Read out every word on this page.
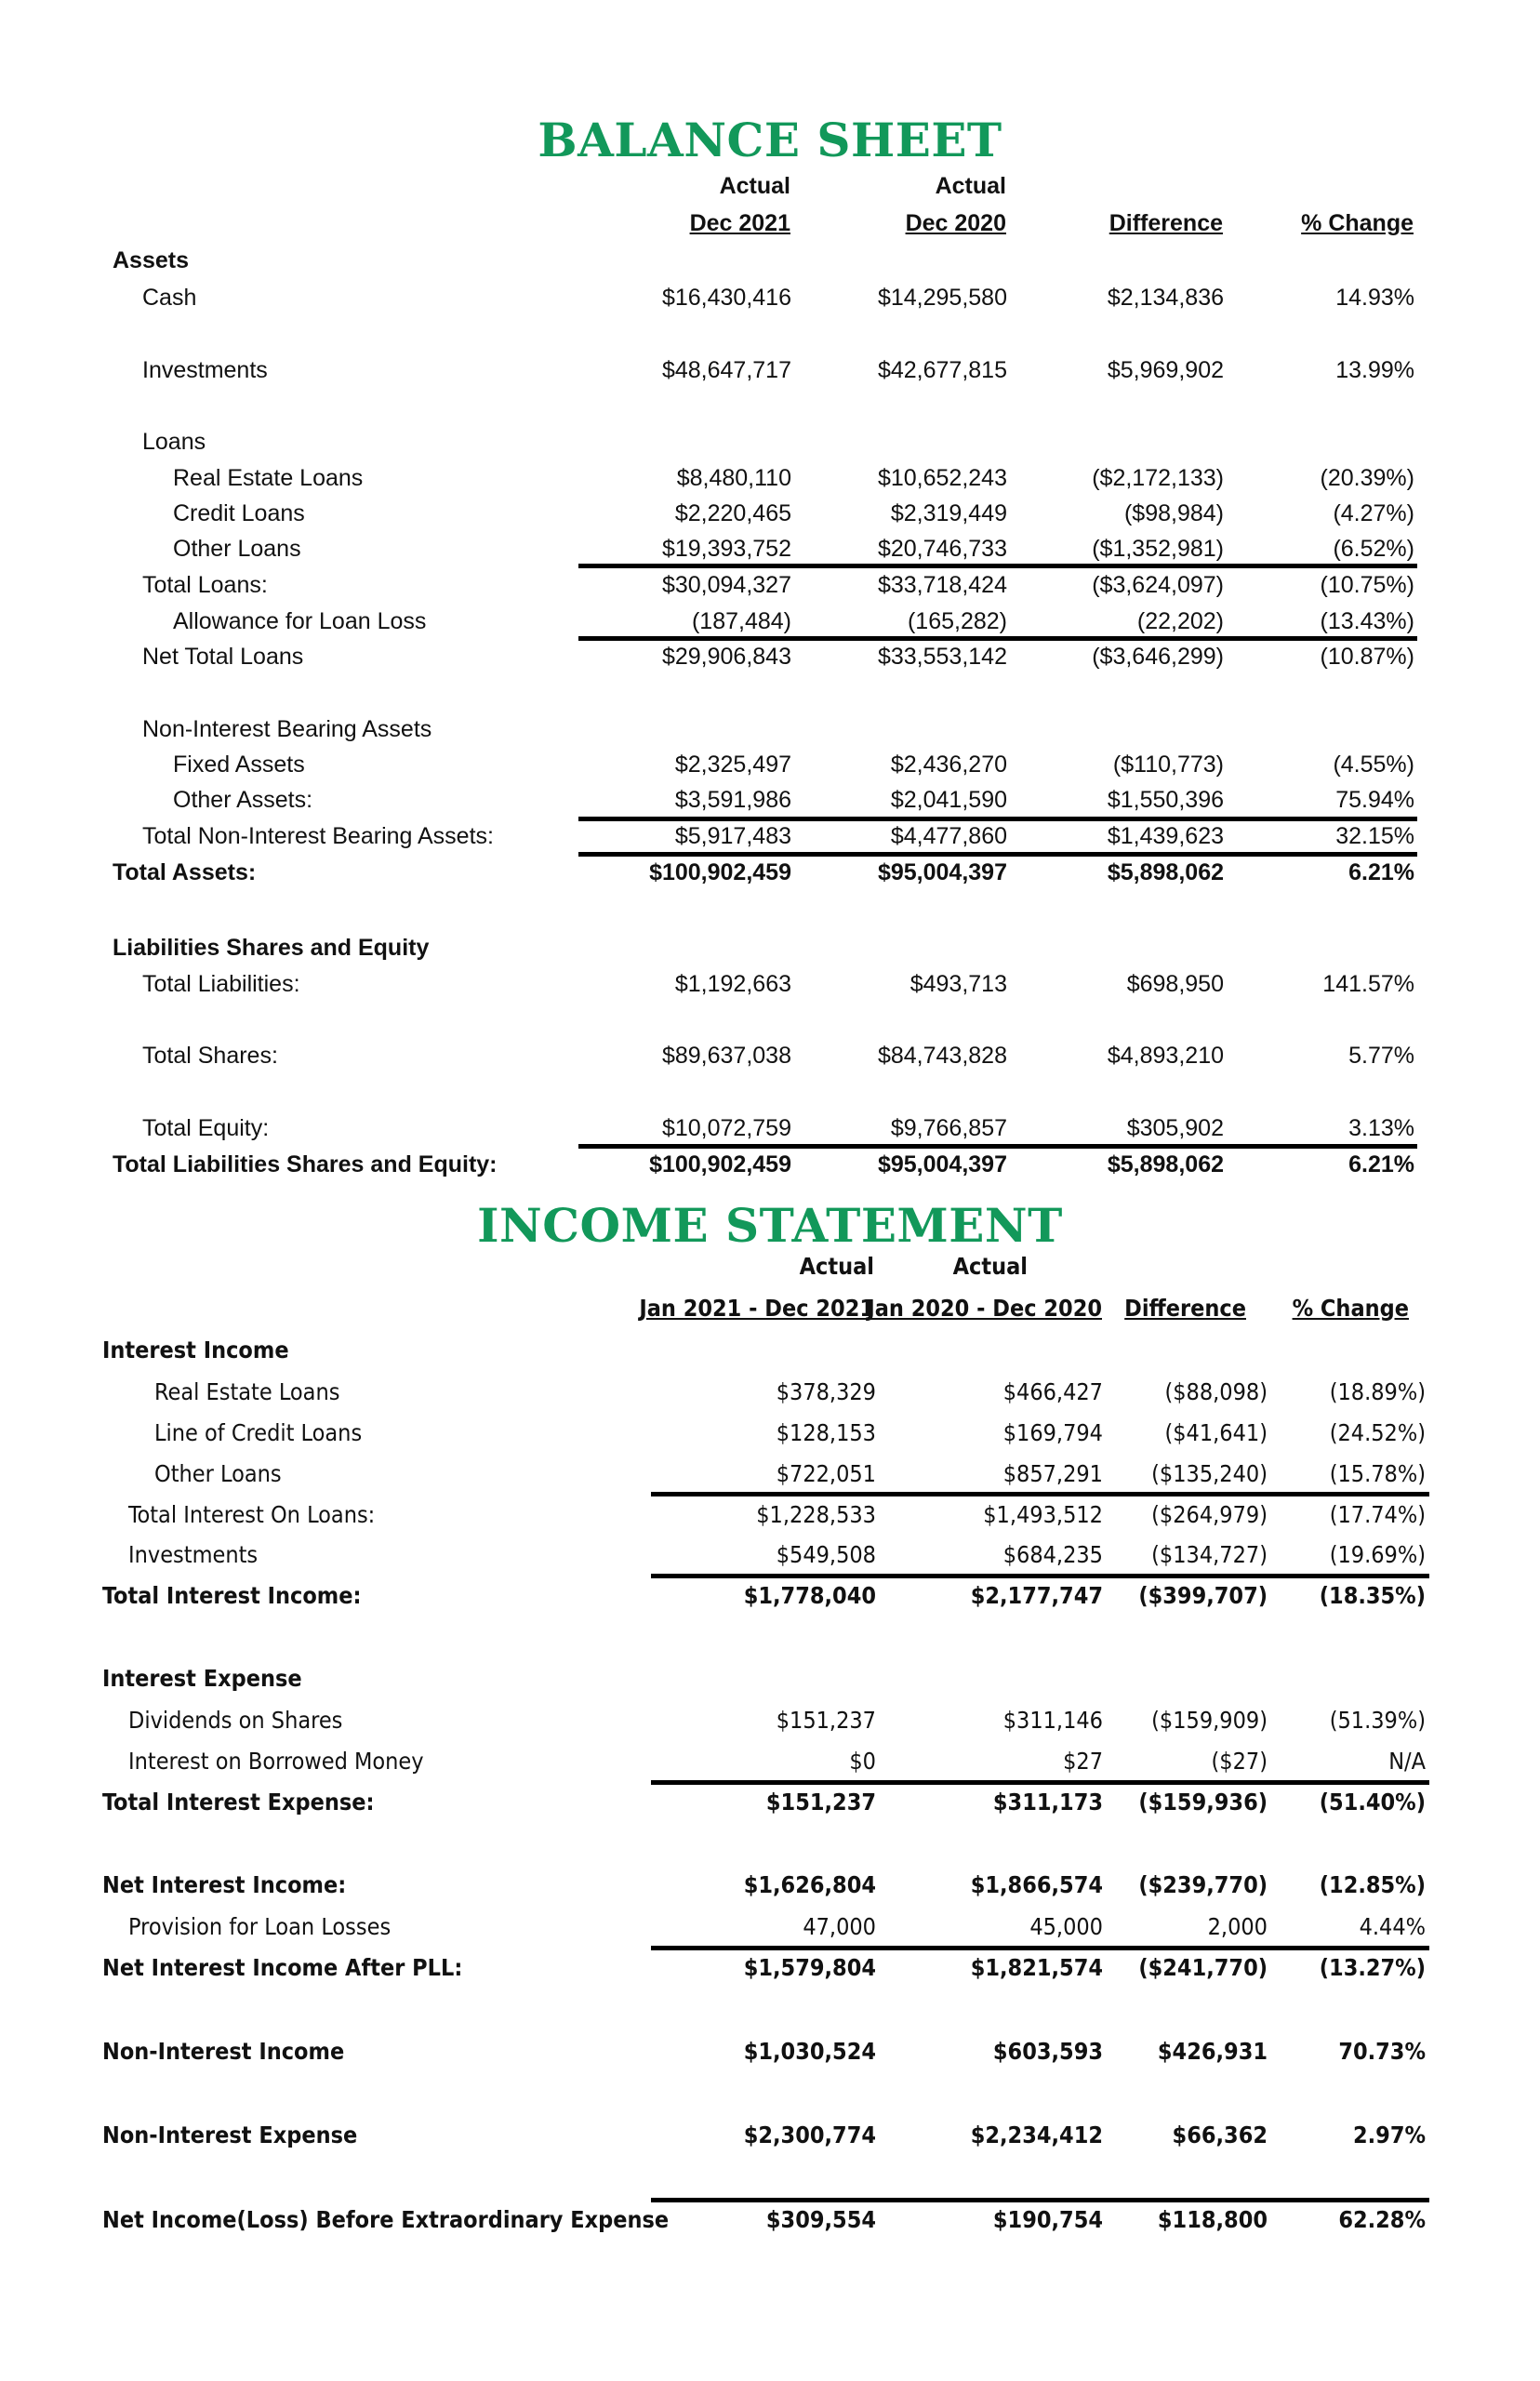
BALANCE SHEET
Actual
Dec 2021
Actual
Dec 2020	Difference	% Change
Assets
Cash	$16,430,416	$14,295,580	$2,134,836	14.93%
Investments	$48,647,717	$42,677,815	$5,969,902	13.99%
Loans
Real Estate Loans	$8,480,110	$10,652,243	($2,172,133)	(20.39%)
Credit Loans	$2,220,465	$2,319,449	($98,984)	(4.27%)
Other Loans	$19,393,752	$20,746,733	($1,352,981)	(6.52%)
Total Loans:	$30,094,327	$33,718,424	($3,624,097)	(10.75%)
Allowance for Loan Loss	(187,484)	(165,282)	(22,202)	(13.43%)
Net Total Loans	$29,906,843	$33,553,142	($3,646,299)	(10.87%)
Non-Interest Bearing Assets
Fixed Assets	$2,325,497	$2,436,270	($110,773)	(4.55%)
Other Assets:	$3,591,986	$2,041,590	$1,550,396	75.94%
Total Non-Interest Bearing Assets:	$5,917,483	$4,477,860	$1,439,623	32.15%
Total Assets:	$100,902,459	$95,004,397	$5,898,062	6.21%
Liabilities Shares and Equity
Total Liabilities:	$1,192,663	$493,713	$698,950	141.57%
Total Shares:	$89,637,038	$84,743,828	$4,893,210	5.77%
Total Equity:	$10,072,759	$9,766,857	$305,902	3.13%
Total Liabilities Shares and Equity:	$100,902,459	$95,004,397	$5,898,062	6.21%
INCOME STATEMENT
Actual
Jan 2021 - Dec 2021
Actual
Jan 2020 - Dec 2020 Difference	% Change
Interest Income
Real Estate Loans	$378,329	$466,427	($88,098)	(18.89%)
Line of Credit Loans	$128,153	$169,794	($41,641)	(24.52%)
Other Loans	$722,051	$857,291	($135,240)	(15.78%)
Total Interest On Loans:	$1,228,533	$1,493,512	($264,979)	(17.74%)
Investments	$549,508	$684,235	($134,727)	(19.69%)
Total Interest Income:	$1,778,040	$2,177,747	($399,707)	(18.35%)
Interest Expense
Dividends on Shares	$151,237	$311,146	($159,909)	(51.39%)
Interest on Borrowed Money	$0	$27	($27)	N/A
Total Interest Expense:	$151,237	$311,173	($159,936)	(51.40%)
Net Interest Income:	$1,626,804	$1,866,574	($239,770)	(12.85%)
Provision for Loan Losses	47,000	45,000	2,000	4.44%
Net Interest Income After PLL:	$1,579,804	$1,821,574	($241,770)	(13.27%)
Non-Interest Income	$1,030,524	$603,593	$426,931	70.73%
Non-Interest Expense	$2,300,774	$2,234,412	$66,362	2.97%
Net Income(Loss) Before Extraordinary Expense	$309,554	$190,754	$118,800	62.28%
